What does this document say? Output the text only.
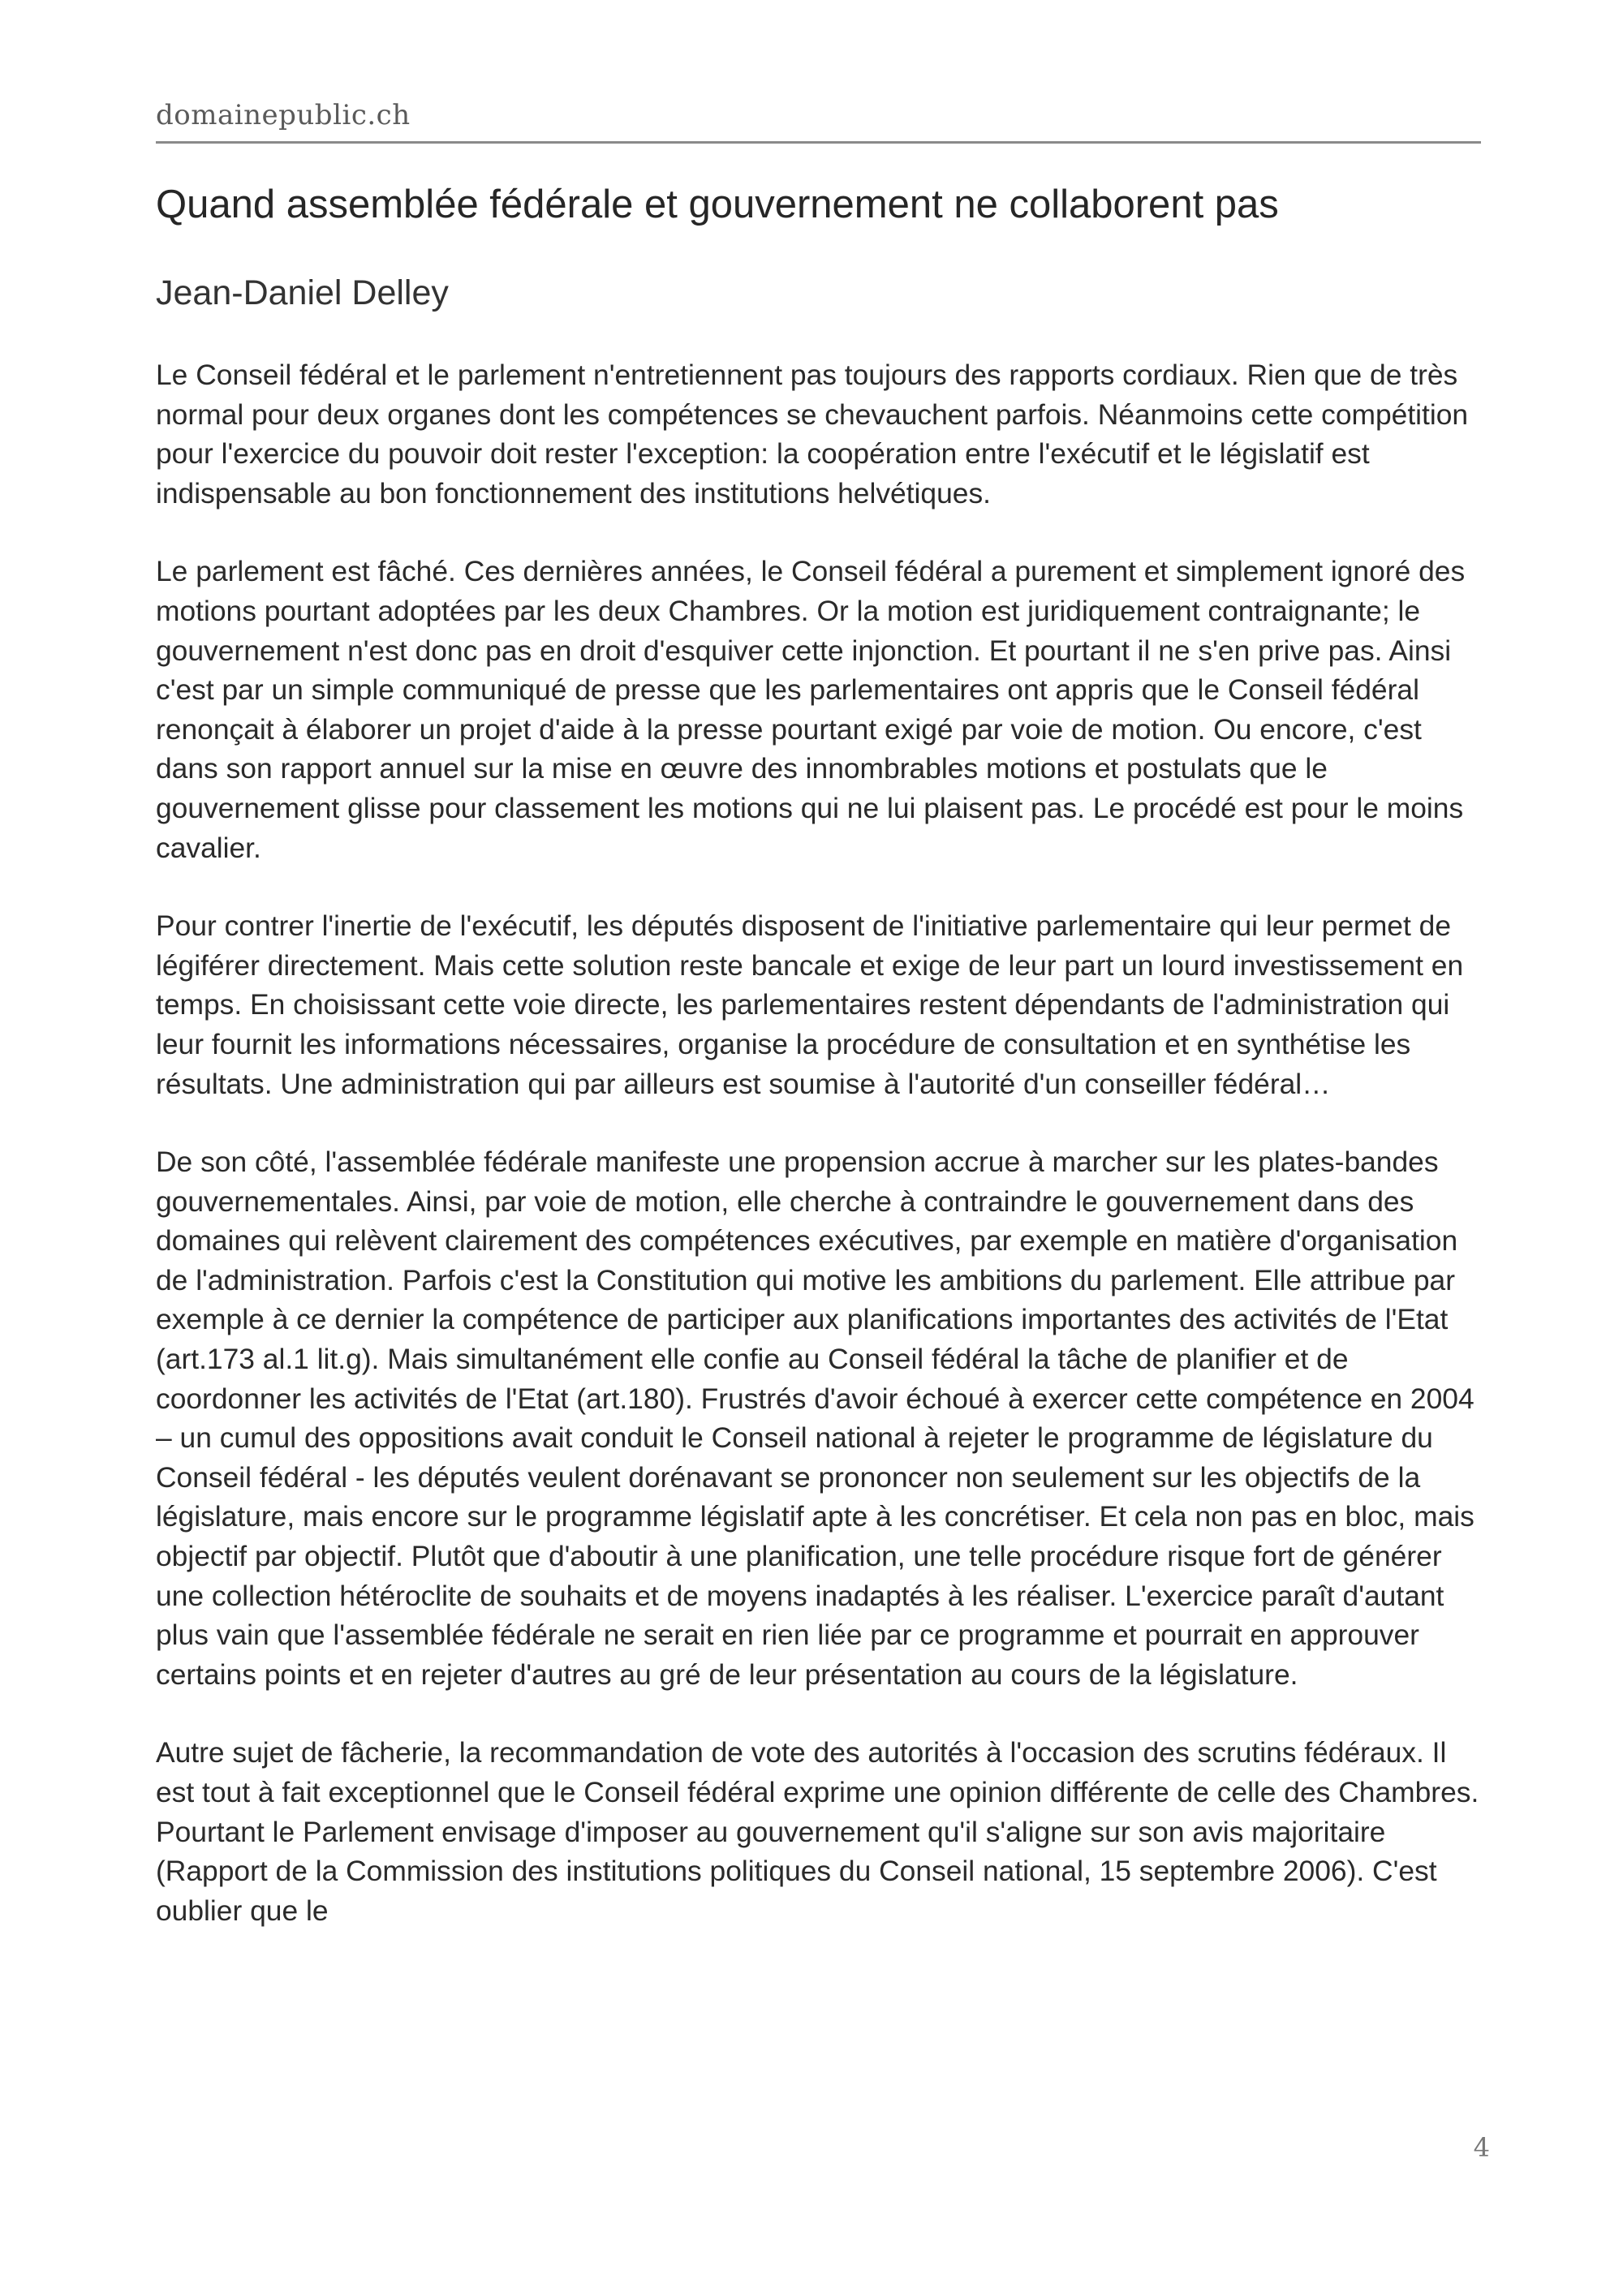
domainepublic.ch
Quand assemblée fédérale et gouvernement ne collaborent pas

Jean-Daniel Delley

Le Conseil fédéral et le parlement n'entretiennent pas toujours des rapports cordiaux. Rien que de très normal pour deux organes dont les compétences se chevauchent parfois. Néanmoins cette compétition pour l'exercice du pouvoir doit rester l'exception: la coopération entre l'exécutif et le législatif est indispensable au bon fonctionnement des institutions helvétiques.

Le parlement est fâché. Ces dernières années, le Conseil fédéral a purement et simplement ignoré des motions pourtant adoptées par les deux Chambres. Or la motion est juridiquement contraignante; le gouvernement n'est donc pas en droit d'esquiver cette injonction. Et pourtant il ne s'en prive pas. Ainsi c'est par un simple communiqué de presse que les parlementaires ont appris que le Conseil fédéral renonçait à élaborer un projet d'aide à la presse pourtant exigé par voie de motion. Ou encore, c'est dans son rapport annuel sur la mise en œuvre des innombrables motions et postulats que le gouvernement glisse pour classement les motions qui ne lui plaisent pas. Le procédé est pour le moins cavalier.

Pour contrer l'inertie de l'exécutif, les députés disposent de l'initiative parlementaire qui leur permet de légiférer directement. Mais cette solution reste bancale et exige de leur part un lourd investissement en temps. En choisissant cette voie directe, les parlementaires restent dépendants de l'administration qui leur fournit les informations nécessaires, organise la procédure de consultation et en synthétise les résultats. Une administration qui par ailleurs est soumise à l'autorité d'un conseiller fédéral…

De son côté, l'assemblée fédérale manifeste une propension accrue à marcher sur les plates-bandes gouvernementales. Ainsi, par voie de motion, elle cherche à contraindre le gouvernement dans des domaines qui relèvent clairement des compétences exécutives, par exemple en matière d'organisation de l'administration. Parfois c'est la Constitution qui motive les ambitions du parlement. Elle attribue par exemple à ce dernier la compétence de participer aux planifications importantes des activités de l'Etat (art.173 al.1 lit.g). Mais simultanément elle confie au Conseil fédéral la tâche de planifier et de coordonner les activités de l'Etat (art.180). Frustrés d'avoir échoué à exercer cette compétence en 2004 – un cumul des oppositions avait conduit le Conseil national à rejeter le programme de législature du Conseil fédéral - les députés veulent dorénavant se prononcer non seulement sur les objectifs de la législature, mais encore sur le programme législatif apte à les concrétiser. Et cela non pas en bloc, mais objectif par objectif. Plutôt que d'aboutir à une planification, une telle procédure risque fort de générer une collection hétéroclite de souhaits et de moyens inadaptés à les réaliser. L'exercice paraît d'autant plus vain que l'assemblée fédérale ne serait en rien liée par ce programme et pourrait en approuver certains points et en rejeter d'autres au gré de leur présentation au cours de la législature.

Autre sujet de fâcherie, la recommandation de vote des autorités à l'occasion des scrutins fédéraux. Il est tout à fait exceptionnel que le Conseil fédéral exprime une opinion différente de celle des Chambres. Pourtant le Parlement envisage d'imposer au gouvernement qu'il s'aligne sur son avis majoritaire (Rapport de la Commission des institutions politiques du Conseil national, 15 septembre 2006). C'est oublier que le

4
